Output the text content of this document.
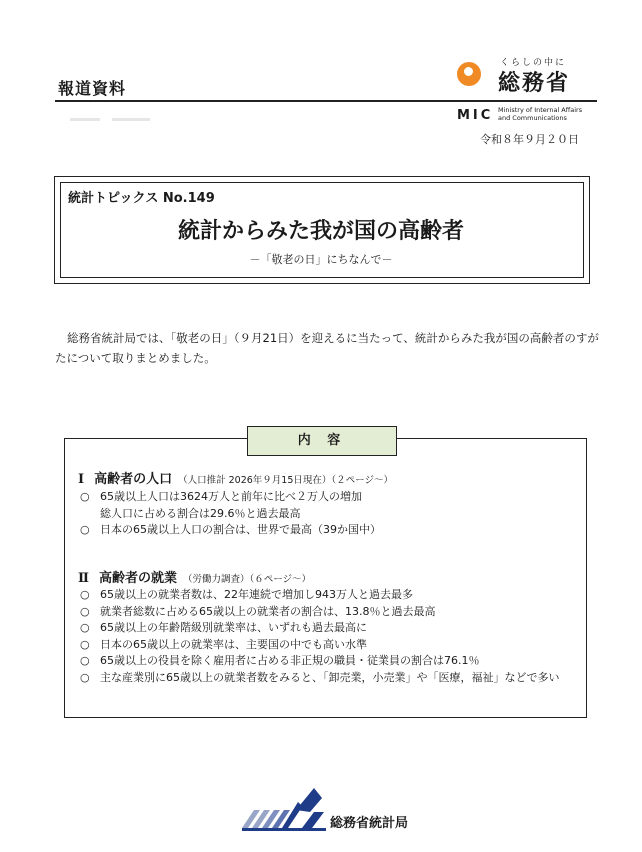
報道資料
くらしの中に
総務省
MIC Ministry of Internal Affairs
and Communications
令和８年９月２０日
統計トピックス No.149
統計からみた我が国の高齢者
－「敬老の日」にちなんで－
総務省統計局では、「敬老の日」（９月21日）を迎えるに当たって、統計からみた我が国の高齢者のすがたについて取りまとめました。
内 容
Ⅰ 高齢者の人口 （人口推計 2026年９月15日現在）（２ページ～）
○ 65歳以上人口は3624万人と前年に比べ２万人の増加
総人口に占める割合は29.6％と過去最高
○ 日本の65歳以上人口の割合は、世界で最高（39か国中）
Ⅱ 高齢者の就業 （労働力調査）（６ページ～）
○ 65歳以上の就業者数は、22年連続で増加し943万人と過去最多
○ 就業者総数に占める65歳以上の就業者の割合は、13.8％と過去最高
○ 65歳以上の年齢階級別就業率は、いずれも過去最高に
○ 日本の65歳以上の就業率は、主要国の中でも高い水準
○ 65歳以上の役員を除く雇用者に占める非正規の職員・従業員の割合は76.1％
○ 主な産業別に65歳以上の就業者数をみると、「卸売業，小売業」や「医療，福祉」などで多い
総務省統計局
